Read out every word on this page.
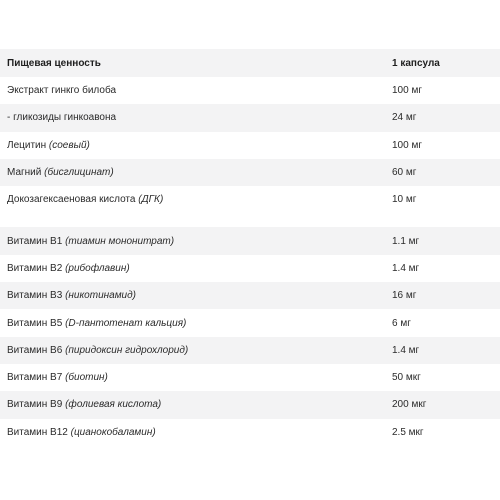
Пищевая ценность	1 капсула
Экстракт гинкго билоба	100 мг
- гликозиды гинкоавона	24 мг
Лецитин (соевый)	100 мг
Магний (бисглицинат)	60 мг
Докозагексаеновая кислота (ДГК)	10 мг
Витамин B1 (тиамин мононитрат)	1.1 мг
Витамин B2 (рибофлавин)	1.4 мг
Витамин B3 (никотинамид)	16 мг
Витамин B5 (D-пантотенат кальция)	6 мг
Витамин B6 (пиридоксин гидрохлорид)	1.4 мг
Витамин B7 (биотин)	50 мкг
Витамин B9 (фолиевая кислота)	200 мкг
Витамин B12 (цианокобаламин)	2.5 мкг
